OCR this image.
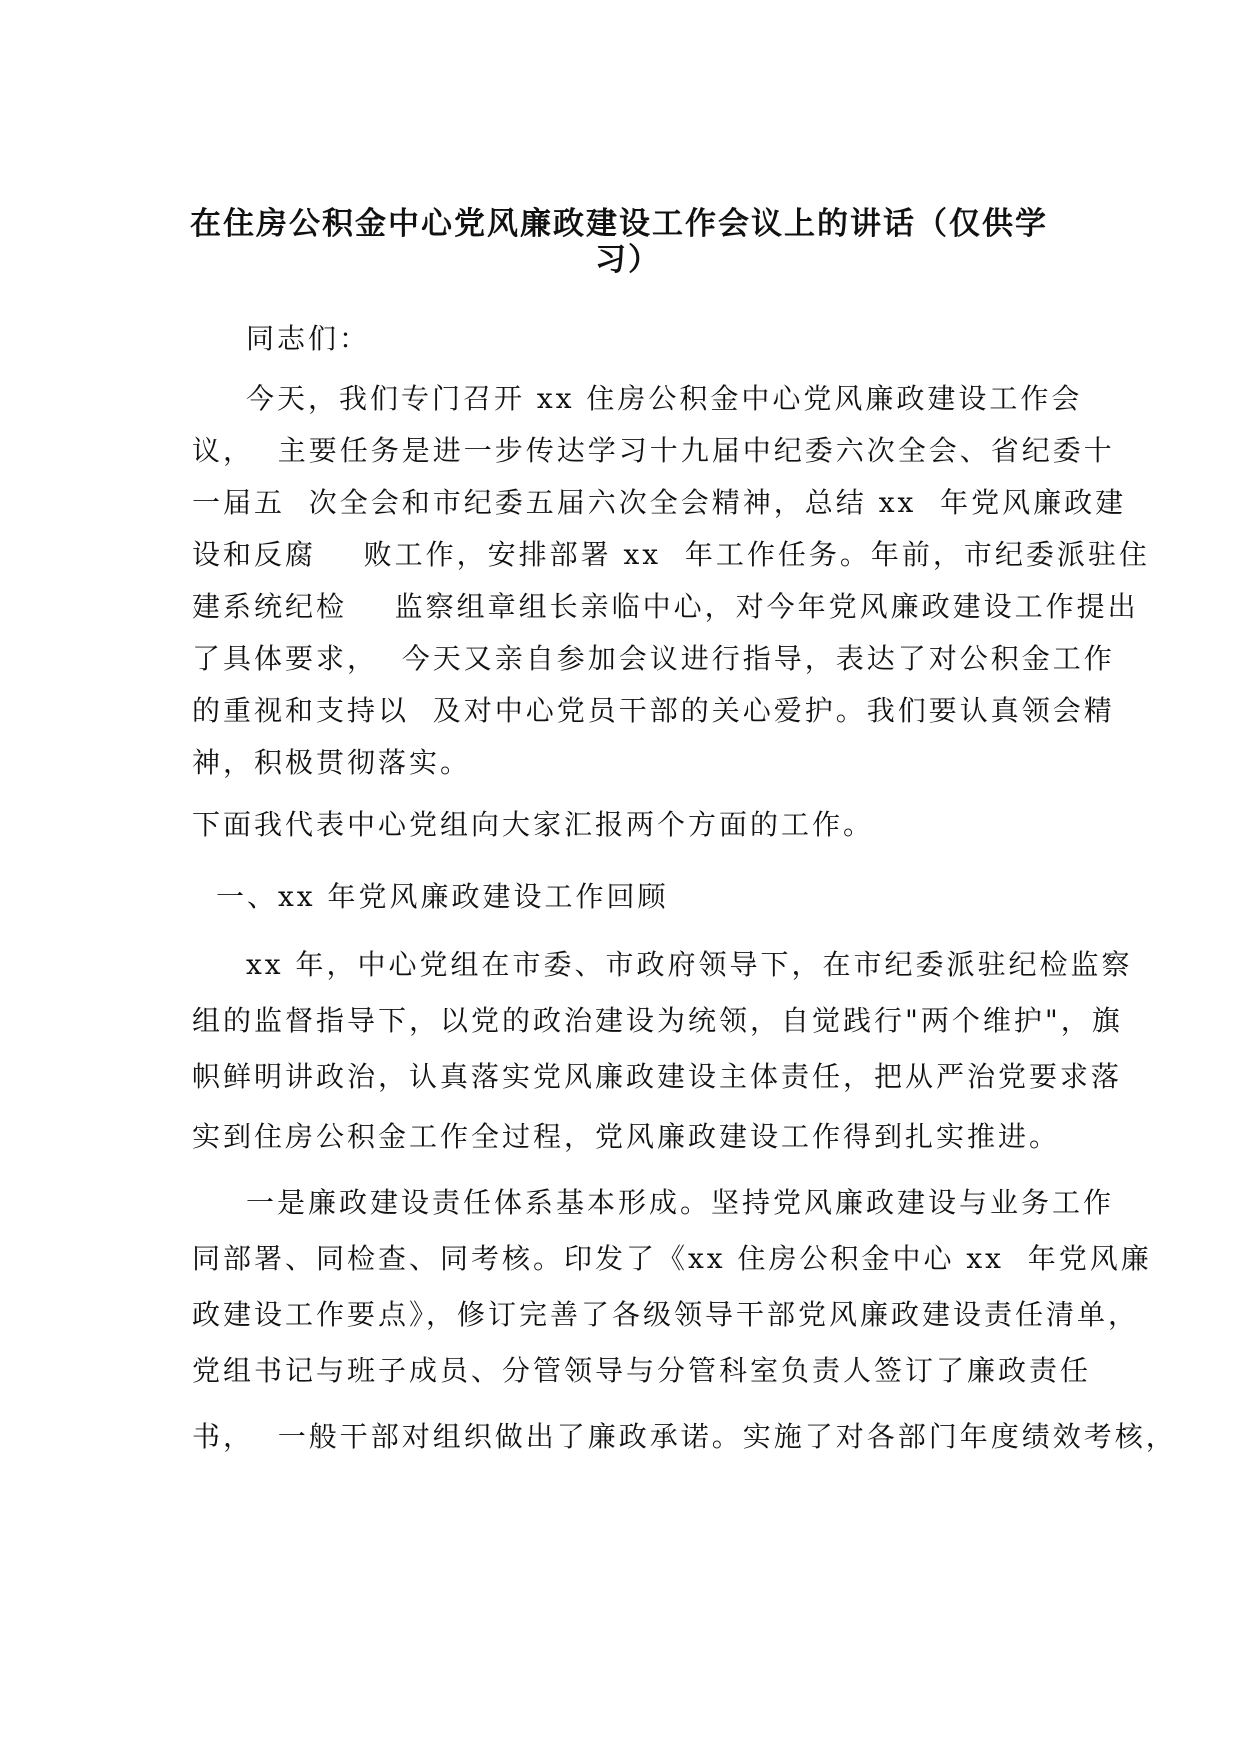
在住房公积金中心党风廉政建设工作会议上的讲话（仅供学
习）
同志们：
今天，我们专门召开 xx 住房公积金中心党风廉政建设工作会
议，  主要任务是进一步传达学习十九届中纪委六次全会、省纪委十
一届五  次全会和市纪委五届六次全会精神，总结 xx  年党风廉政建
设和反腐    败工作，安排部署 xx  年工作任务。年前，市纪委派驻住
建系统纪检    监察组章组长亲临中心，对今年党风廉政建设工作提出
了具体要求，  今天又亲自参加会议进行指导，表达了对公积金工作
的重视和支持以  及对中心党员干部的关心爱护。我们要认真领会精
神，积极贯彻落实。
下面我代表中心党组向大家汇报两个方面的工作。
一、xx 年党风廉政建设工作回顾
xx 年，中心党组在市委、市政府领导下，在市纪委派驻纪检监察
组的监督指导下，以党的政治建设为统领，自觉践行"两个维护"，旗
帜鲜明讲政治，认真落实党风廉政建设主体责任，把从严治党要求落
实到住房公积金工作全过程，党风廉政建设工作得到扎实推进。
一是廉政建设责任体系基本形成。坚持党风廉政建设与业务工作
同部署、同检查、同考核。印发了《xx 住房公积金中心 xx  年党风廉
政建设工作要点》，修订完善了各级领导干部党风廉政建设责任清单，
党组书记与班子成员、分管领导与分管科室负责人签订了廉政责任
书，  一般干部对组织做出了廉政承诺。实施了对各部门年度绩效考核，
